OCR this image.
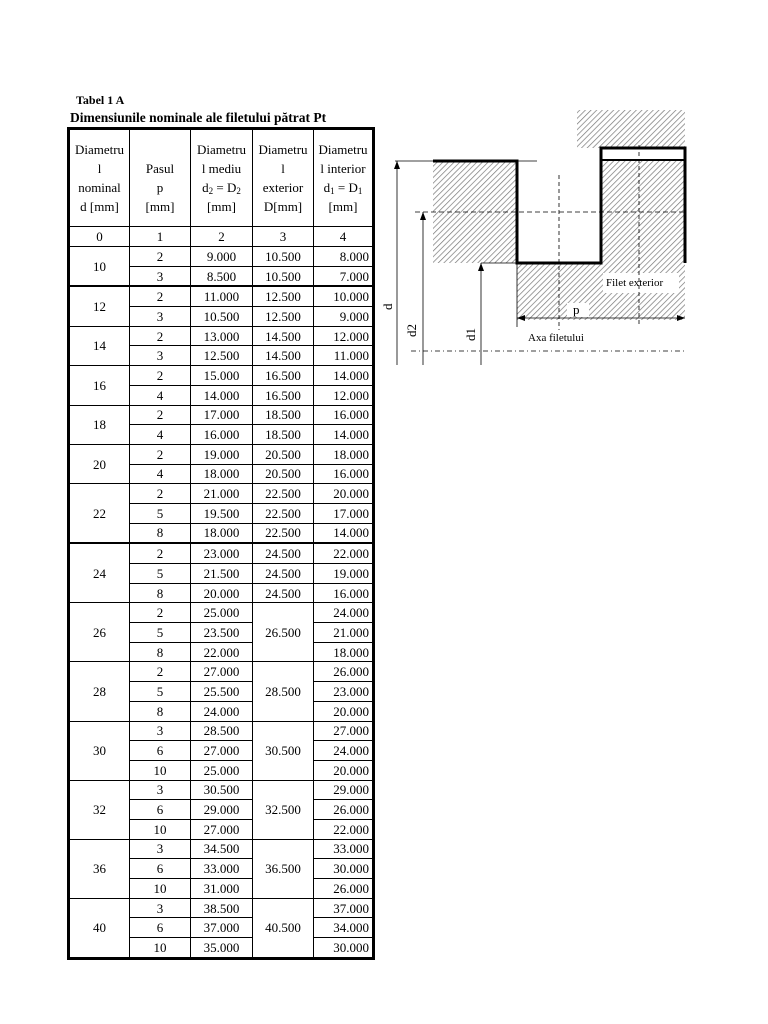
Tabel 1 A
Dimensiunile nominale ale filetului pătrat Pt
Diametru
l
nominal
d [mm]	Pasul
p
[mm]	Diametru
l mediu
$d_2 = D_2$
[mm]	Diametru
l
exterior
D[mm]	Diametru
l interior
$d_1 = D_1$
[mm]

0	1	2	3	4
10	2	9.000	10.500	8.000
	3	8.500	10.500	7.000
12	2	11.000	12.500	10.000
	3	10.500	12.500	9.000
14	2	13.000	14.500	12.000
	3	12.500	14.500	11.000
16	2	15.000	16.500	14.000
	4	14.000	16.500	12.000
18	2	17.000	18.500	16.000
	4	16.000	18.500	14.000
20	2	19.000	20.500	18.000
	4	18.000	20.500	16.000
22	2	21.000	22.500	20.000
	5	19.500	22.500	17.000
	8	18.000	22.500	14.000
24	2	23.000	24.500	22.000
	5	21.500	24.500	19.000
	8	20.000	24.500	16.000
26	2	25.000	26.500	24.000
	5	23.500		21.000
	8	22.000		18.000
28	2	27.000	28.500	26.000
	5	25.500		23.000
	8	24.000		20.000
30	3	28.500	30.500	27.000
	6	27.000		24.000
	10	25.000		20.000
32	3	30.500	32.500	29.000
	6	29.000		26.000
	10	27.000		22.000
36	3	34.500	36.500	33.000
	6	33.000		30.000
	10	31.000		26.000
40	3	38.500	40.500	37.000
	6	37.000		34.000
	10	35.000		30.000
Filet exterior
d
d2	d1
p
Axa filetului
